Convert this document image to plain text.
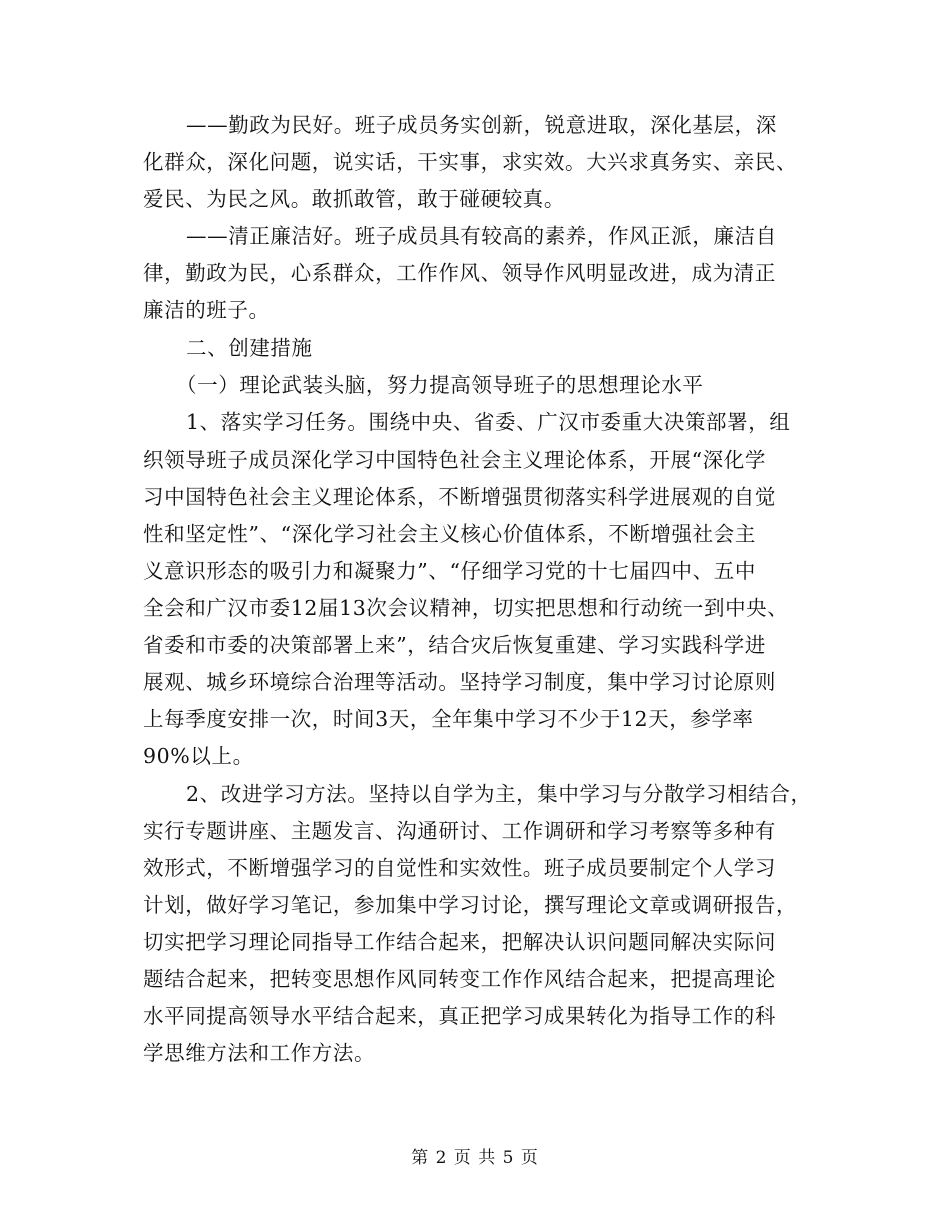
——勤政为民好。班子成员务实创新，锐意进取，深化基层，深
化群众，深化问题，说实话，干实事，求实效。大兴求真务实、亲民、
爱民、为民之风。敢抓敢管，敢于碰硬较真。
——清正廉洁好。班子成员具有较高的素养，作风正派，廉洁自
律，勤政为民，心系群众，工作作风、领导作风明显改进，成为清正
廉洁的班子。
二、创建措施
（一）理论武装头脑，努力提高领导班子的思想理论水平
1、落实学习任务。围绕中央、省委、广汉市委重大决策部署，组
织领导班子成员深化学习中国特色社会主义理论体系，开展“深化学
习中国特色社会主义理论体系，不断增强贯彻落实科学进展观的自觉
性和坚定性”、“深化学习社会主义核心价值体系，不断增强社会主
义意识形态的吸引力和凝聚力”、“仔细学习党的十七届四中、五中
全会和广汉市委12届13次会议精神，切实把思想和行动统一到中央、
省委和市委的决策部署上来”，结合灾后恢复重建、学习实践科学进
展观、城乡环境综合治理等活动。坚持学习制度，集中学习讨论原则
上每季度安排一次，时间3天，全年集中学习不少于12天，参学率
90%以上。
2、改进学习方法。坚持以自学为主，集中学习与分散学习相结合，
实行专题讲座、主题发言、沟通研讨、工作调研和学习考察等多种有
效形式，不断增强学习的自觉性和实效性。班子成员要制定个人学习
计划，做好学习笔记，参加集中学习讨论，撰写理论文章或调研报告，
切实把学习理论同指导工作结合起来，把解决认识问题同解决实际问
题结合起来，把转变思想作风同转变工作作风结合起来，把提高理论
水平同提高领导水平结合起来，真正把学习成果转化为指导工作的科
学思维方法和工作方法。
第 2 页 共 5 页
